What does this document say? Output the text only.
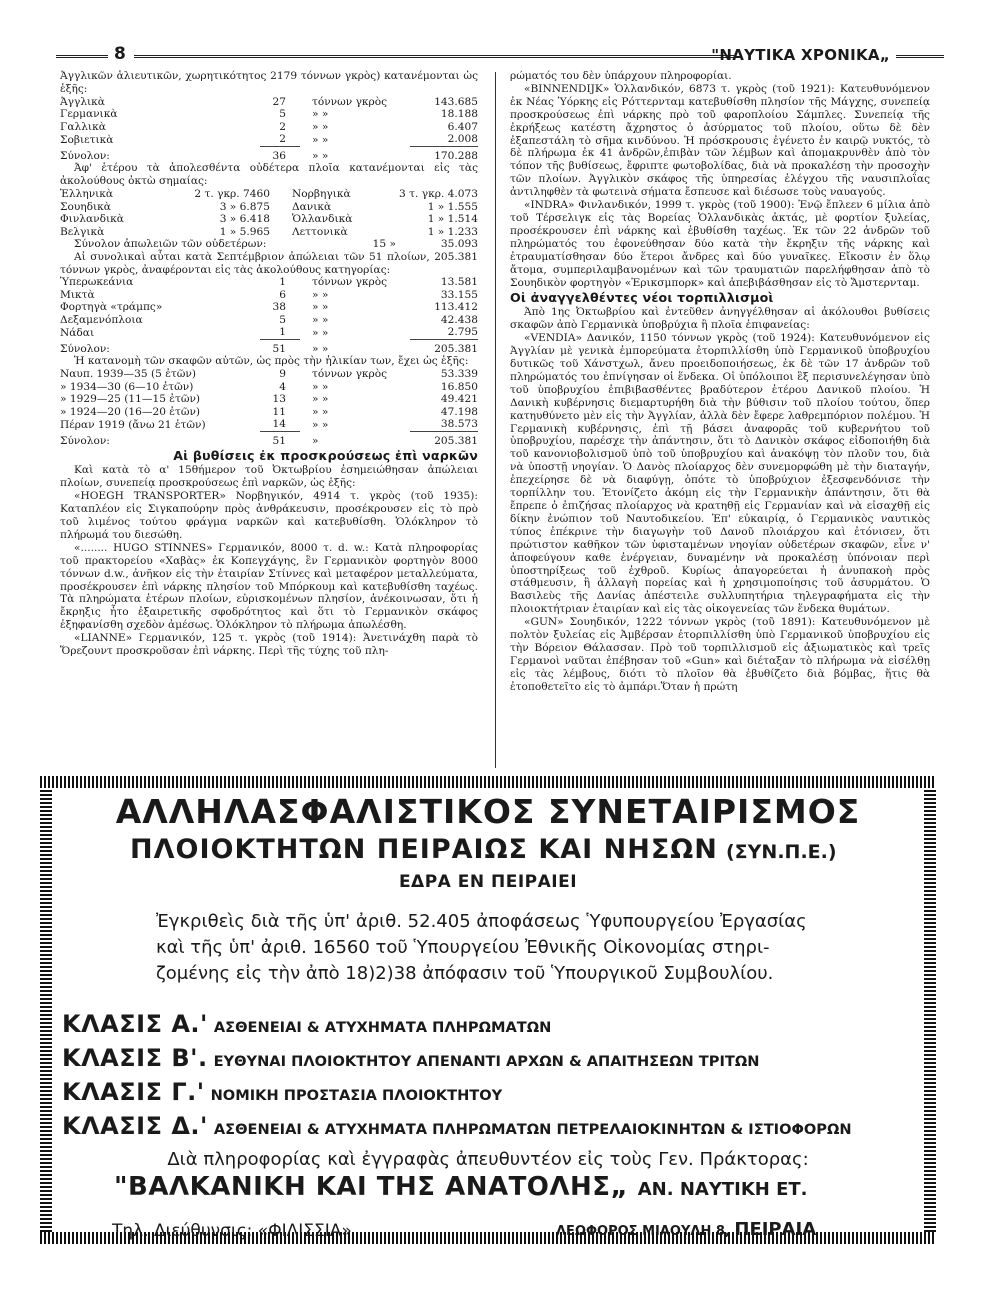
8	"ΝΑΥΤΙΚΑ ΧΡΟΝΙΚΑ„

Ἀγγλικῶν ἁλιευτικῶν, χωρητικότητος 2179 τόννων γκρὸς) κατανέμονται ὡς ἑξῆς:

Ἀγγλικὰ	27	τόννων γκρὸς	143.685
Γερμανικὰ	5	» »	18.188
Γαλλικὰ	2	» »	6.407
Σοβιετικὰ	2	» »	2.008
Σύνολον:	36	» »	170.288

Ἀφ' ἑτέρου τὰ ἀπολεσθέντα οὐδέτερα πλοῖα κατανέμονται εἰς τὰς ἀκολούθους ὀκτὼ σημαίας:

Ἑλληνικὰ	2 τ. γκρ. 7460	Νορβηγικὰ	3 τ. γκρ. 4.073
Σουηδικὰ	3 » 6.875	Δανικὰ	1 » 1.555
Φινλανδικὰ	3 » 6.418	Ὁλλανδικὰ	1 » 1.514
Βελγικὰ	1 » 5.965	Λεττονικὰ	1 » 1.233
Σύνολον ἀπωλειῶν τῶν οὐδετέρων:	15 »	35.093

Αἱ συνολικαὶ αὗται κατὰ Σεπτέμβριον ἀπώλειαι τῶν 51 πλοίων, 205.381 τόννων γκρὸς, ἀναφέρονται εἰς τὰς ἀκολούθους κατηγορίας:

Ὑπερωκεάνια	1	τόννων γκρὸς	13.581
Μικτὰ	6	» »	33.155
Φορτηγὰ «τράμπς»	38	» »	113.412
Δεξαμενόπλοια	5	» »	42.438
Νάδαι	1	» »	2.795
Σύνολον:	51	» »	205.381

Ἡ κατανομὴ τῶν σκαφῶν αὐτῶν, ὡς πρὸς τὴν ἡλικίαν των, ἔχει ὡς ἑξῆς:

Ναυπ. 1939—35 (5 ἐτῶν)	9	τόννων γκρὸς	53.339
» 1934—30 (6—10 ἐτῶν)	4	» »	16.850
» 1929—25 (11—15 ἐτῶν)	13	» »	49.421
» 1924—20 (16—20 ἐτῶν)	11	» »	47.198
Πέραν 1919 (ἄνω 21 ἐτῶν)	14	» »	38.573
Σύνολον:	51	»	205.381
Αἱ βυθίσεις ἐκ προσκρούσεως ἐπὶ ναρκῶν

Καὶ κατὰ τὸ α' 15θήμερον τοῦ Ὀκτωβρίου ἐσημειώθησαν ἀπώλειαι πλοίων, συνεπείᾳ προσκρούσεως ἐπὶ ναρκῶν, ὡς ἑξῆς:

«HOEGH TRANSPORTER» Νορβηγικόν, 4914 τ. γκρὸς (τοῦ 1935): Καταπλέον εἰς Σιγκαπούρην πρὸς ἀνθράκευσιν, προσέκρουσεν εἰς τὸ πρὸ τοῦ λιμένος τούτου φράγμα ναρκῶν καὶ κατεβυθίσθη. Ὁλόκληρον τὸ πλήρωμά του διεσώθη.

«........ HUGO STINNES» Γερμανικόν, 8000 τ. d. w.: Κατὰ πληροφορίας τοῦ πρακτορείου «Χαβὰς» ἐκ Κοπεγχάγης, ἓν Γερμανικὸν φορτηγὸν 8000 τόννων d.w., ἀνῆκον εἰς τὴν ἑταιρίαν Στίννες καὶ μεταφέρον μεταλλεύματα, προσέκρουσεν ἐπὶ νάρκης πλησίον τοῦ Μπόρκουμ καὶ κατεβυθίσθη ταχέως. Τὰ πληρώματα ἑτέρων πλοίων, εὑρισκομένων πλησίον, ἀνέκοινωσαν, ὅτι ἡ ἔκρηξις ἦτο ἐξαιρετικῆς σφοδρότητος καὶ ὅτι τὸ Γερμανικὸν σκάφος ἐξηφανίσθη σχεδὸν ἀμέσως. Ὁλόκληρον τὸ πλήρωμα ἀπωλέσθη.

«LIANNE» Γερμανικόν, 125 τ. γκρὸς (τοῦ 1914): Ἀνετινάχθη παρὰ τὸ Ὅρεζουντ προσκροῦσαν ἐπὶ νάρκης. Περὶ τῆς τύχης τοῦ πλη-

ρώματός του δὲν ὑπάρχουν πληροφορίαι.

«BINNENDIJK» Ὁλλανδικόν, 6873 τ. γκρὸς (τοῦ 1921): Κατευθυνόμενον ἐκ Νέας Ὑόρκης εἰς Ρόττερνταμ κατεβυθίσθη πλησίον τῆς Μάγχης, συνεπείᾳ προσκρούσεως ἐπὶ νάρκης πρὸ τοῦ φαροπλοίου Σάμπλες. Συνεπείᾳ τῆς ἐκρήξεως κατέστη ἄχρηστος ὁ ἀσύρματος τοῦ πλοίου, οὕτω δὲ δὲν ἐξαπεστάλη τὸ σῆμα κινδύνου. Ἡ πρόσκρουσις ἐγένετο ἐν καιρῷ νυκτός, τὸ δὲ πλήρωμα ἐκ 41 ἀνδρῶν,ἐπιβὰν τῶν λέμβων καὶ ἀπομακρυνθὲν ἀπὸ τὸν τόπον τῆς βυθίσεως, ἔφριπτε φωτοβολίδας, διὰ νὰ προκαλέσῃ τὴν προσοχὴν τῶν πλοίων. Ἀγγλικὸν σκάφος τῆς ὑπηρεσίας ἐλέγχου τῆς ναυσιπλοΐας ἀντιληφθὲν τὰ φωτεινὰ σήματα ἔσπευσε καὶ διέσωσε τοὺς ναυαγούς.

«INDRA» Φινλανδικόν, 1999 τ. γκρὸς (τοῦ 1900): Ἐνῷ ἔπλεεν 6 μίλια ἀπὸ τοῦ Τέρσελιγκ εἰς τὰς Βορείας Ὁλλανδικὰς ἀκτάς, μὲ φορτίον ξυλείας, προσέκρουσεν ἐπὶ νάρκης καὶ ἐβυθίσθη ταχέως. Ἐκ τῶν 22 ἀνδρῶν τοῦ πληρώματός του ἐφονεύθησαν δύο κατὰ τὴν ἔκρηξιν τῆς νάρκης καὶ ἐτραυματίσθησαν δύο ἕτεροι ἄνδρες καὶ δύο γυναῖκες. Εἴκοσιν ἐν ὅλῳ ἄτομα, συμπεριλαμβανομένων καὶ τῶν τραυματιῶν παρελήφθησαν ἀπὸ τὸ Σουηδικὸν φορτηγὸν «Ἐρικσμπορκ» καὶ ἀπεβιβάσθησαν εἰς τὸ Ἄμστερνταμ.

Οἱ ἀναγγελθέντες νέοι τορπιλλισμοὶ

Ἀπὸ 1ης Ὀκτωβρίου καὶ ἐντεῦθεν ἀνηγγέλθησαν αἱ ἀκόλουθοι βυθίσεις σκαφῶν ἀπὸ Γερμανικὰ ὑποβρύχια ἢ πλοῖα ἐπιφανείας:

«VENDIA» Δανικόν, 1150 τόννων γκρὸς (τοῦ 1924): Κατευθυνόμενον εἰς Ἀγγλίαν μὲ γενικὰ ἐμπορεύματα ἐτορπιλλίσθη ὑπὸ Γερμανικοῦ ὑποβρυχίου δυτικῶς τοῦ Χάνστχωλ, ἄνευ προειδοποιήσεως, ἐκ δὲ τῶν 17 ἀνδρῶν τοῦ πληρώματός του ἐπνίγησαν οἱ ἕνδεκα. Οἱ ὑπόλοιποι ἓξ περισυνελέγησαν ὑπὸ τοῦ ὑποβρυχίου ἐπιβιβασθέντες βραδύτερον ἑτέρου Δανικοῦ πλοίου. Ἡ Δανικὴ κυβέρνησις διεμαρτυρήθη διὰ τὴν βύθισιν τοῦ πλοίου τούτου, ὅπερ κατηυθύνετο μὲν εἰς τὴν Ἀγγλίαν, ἀλλὰ δὲν ἔφερε λαθρεμπόριον πολέμου. Ἡ Γερμανικὴ κυβέρνησις, ἐπὶ τῇ βάσει ἀναφορᾶς τοῦ κυβερνήτου τοῦ ὑποβρυχίου, παρέσχε τὴν ἀπάντησιν, ὅτι τὸ Δανικὸν σκάφος εἰδοποιήθη διὰ τοῦ κανονιοβολισμοῦ ὑπὸ τοῦ ὑποβρυχίου καὶ ἀνακόψῃ τὸν πλοῦν του, διὰ νὰ ὑποστῇ νηογίαν. Ὁ Δανὸς πλοίαρχος δὲν συνεμορφώθη μὲ τὴν διαταγήν, ἐπεχείρησε δὲ νὰ διαφύγῃ, ὁπότε τὸ ὑποβρύχιον ἐξεσφενδόνισε τὴν τορπίλλην του. Ἐτονίζετο ἀκόμη εἰς τὴν Γερμανικὴν ἀπάντησιν, ὅτι θὰ ἔπρεπε ὁ ἐπιζήσας πλοίαρχος νὰ κρατηθῇ εἰς Γερμανίαν καὶ νὰ εἰσαχθῇ εἰς δίκην ἐνώπιον τοῦ Ναυτοδικείου. Ἐπ' εὐκαιρίᾳ, ὁ Γερμανικὸς ναυτικὸς τύπος ἐπέκρινε τὴν διαγωγὴν τοῦ Δανοῦ πλοιάρχου καὶ ἐτόνισεν, ὅτι πρώτιστον καθῆκον τῶν ὑφισταμένων νηογίαν οὐδετέρων σκαφῶν, εἶνε ν' ἀποφεύγουν καθε ἐνέργειαν, δυναμένην νὰ προκαλέσῃ ὑπόνοιαν περὶ ὑποστηρίξεως τοῦ ἐχθροῦ. Κυρίως ἀπαγορεύεται ἡ ἀνυπακοὴ πρὸς στάθμευσιν, ἢ ἀλλαγὴ πορείας καὶ ἡ χρησιμοποίησις τοῦ ἀσυρμάτου. Ὁ Βασιλεὺς τῆς Δανίας ἀπέστειλε συλλυπητήρια τηλεγραφήματα εἰς τὴν πλοιοκτήτριαν ἑταιρίαν καὶ εἰς τὰς οἰκογενείας τῶν ἕνδεκα θυμάτων.

«GUN» Σουηδικόν, 1222 τόννων γκρὸς (τοῦ 1891): Κατευθυνόμενον μὲ πολτὸν ξυλείας εἰς Ἀμβέρσαν ἐτορπιλλίσθη ὑπὸ Γερμανικοῦ ὑποβρυχίου εἰς τὴν Βόρειον Θάλασσαν. Πρὸ τοῦ τορπιλλισμοῦ εἰς ἀξιωματικὸς καὶ τρεῖς Γερμανοὶ ναῦται ἐπέβησαν τοῦ «Gun» καὶ διέταξαν τὸ πλήρωμα νὰ εἰσέλθῃ εἰς τὰς λέμβους, διότι τὸ πλοῖον θὰ ἐβυθίζετο διὰ βόμβας, ἥτις θὰ ἐτοποθετεῖτο εἰς τὸ ἀμπάρι.Ὅταν ἡ πρώτη

ΑΛΛΗΛΑΣΦΑΛΙΣΤΙΚΟΣ ΣΥΝΕΤΑΙΡΙΣΜΟΣ
ΠΛΟΙΟΚΤΗΤΩΝ ΠΕΙΡΑΙΩΣ ΚΑΙ ΝΗΣΩΝ (ΣΥΝ.Π.Ε.)
ΕΔΡΑ ΕΝ ΠΕΙΡΑΙΕΙ
Ἐγκριθεὶς διὰ τῆς ὑπ' ἀριθ. 52.405 ἀποφάσεως Ὑφυπουργείου Ἐργασίας
καὶ τῆς ὑπ' ἀριθ. 16560 τοῦ Ὑπουργείου Ἐθνικῆς Οἰκονομίας στηρι-
ζομένης εἰς τὴν ἀπὸ 18)2)38 ἀπόφασιν τοῦ Ὑπουργικοῦ Συμβουλίου.
ΚΛΑΣΙΣ Α.' ΑΣΘΕΝΕΙΑΙ & ΑΤΥΧΗΜΑΤΑ ΠΛΗΡΩΜΑΤΩΝ
ΚΛΑΣΙΣ Β'. ΕΥΘΥΝΑΙ ΠΛΟΙΟΚΤΗΤΟΥ ΑΠΕΝΑΝΤΙ ΑΡΧΩΝ & ΑΠΑΙΤΗΣΕΩΝ ΤΡΙΤΩΝ
ΚΛΑΣΙΣ Γ.' ΝΟΜΙΚΗ ΠΡΟΣΤΑΣΙΑ ΠΛΟΙΟΚΤΗΤΟΥ
ΚΛΑΣΙΣ Δ.' ΑΣΘΕΝΕΙΑΙ & ΑΤΥΧΗΜΑΤΑ ΠΛΗΡΩΜΑΤΩΝ ΠΕΤΡΕΛΑΙΟΚΙΝΗΤΩΝ & ΙΣΤΙΟΦΟΡΩΝ
Διὰ πληροφορίας καὶ ἐγγραφὰς ἀπευθυντέον εἰς τοὺς Γεν. Πράκτορας:
"ΒΑΛΚΑΝΙΚΗ ΚΑΙ ΤΗΣ ΑΝΑΤΟΛΗΣ„ ΑΝ. ΝΑΥΤΙΚΗ ΕΤ.
Τηλ. Διεύθυνσις: «ΦΙΛΙΣΣΙΑ»	ΛΕΩΦΟΡΟΣ ΜΙΑΟΥΛΗ 8, ΠΕΙΡΑΙΑ
